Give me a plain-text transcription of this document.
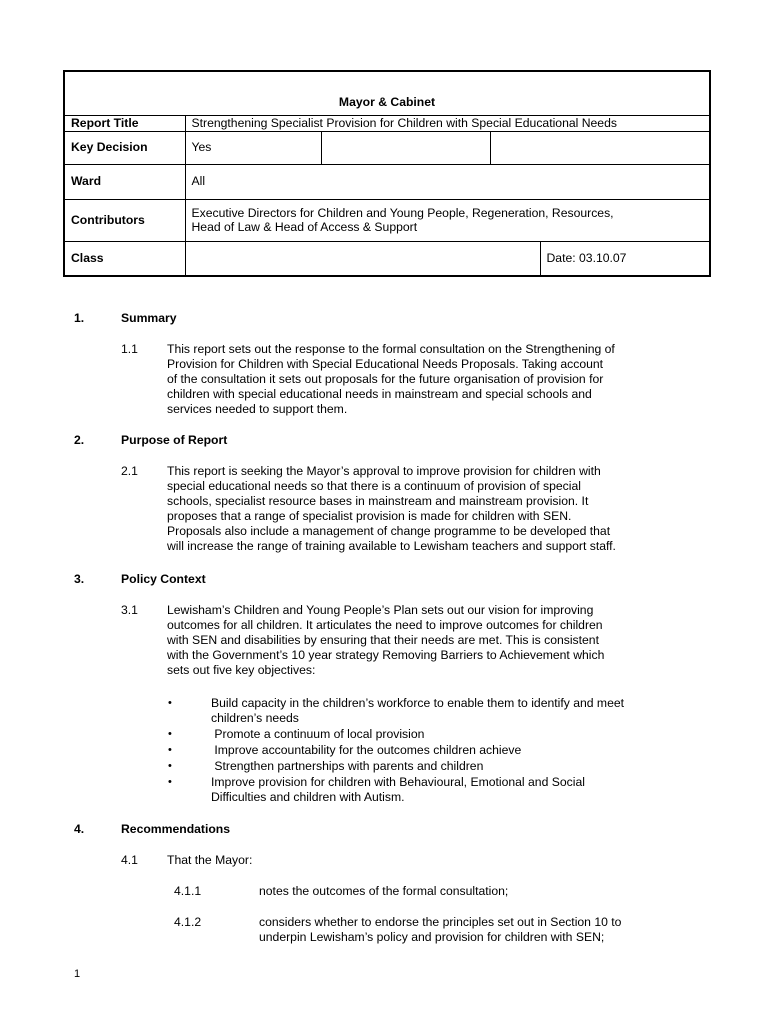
Mayor & Cabinet				
Report Title	Strengthening Specialist Provision for Children with Special Educational Needs			
Key Decision	Yes			
Ward	All			
Contributors	Executive Directors for Children and Young People, Regeneration, Resources,
Head of Law & Head of Access & Support			

Class				Date: 03.10.07
1.	Summary
1.1 This report sets out the response to the formal consultation on the Strengthening of
Provision for Children with Special Educational Needs Proposals. Taking account
of the consultation it sets out proposals for the future organisation of provision for
children with special educational needs in mainstream and special schools and
services needed to support them.
2.	Purpose of Report
2.1 This report is seeking the Mayor’s approval to improve provision for children with
special educational needs so that there is a continuum of provision of special
schools, specialist resource bases in mainstream and mainstream provision. It
proposes that a range of specialist provision is made for children with SEN.
Proposals also include a management of change programme to be developed that
will increase the range of training available to Lewisham teachers and support staff.
3.	Policy Context
3.1 Lewisham’s Children and Young People’s Plan sets out our vision for improving
outcomes for all children. It articulates the need to improve outcomes for children
with SEN and disabilities by ensuring that their needs are met. This is consistent
with the Government’s 10 year strategy Removing Barriers to Achievement which
sets out five key objectives:
•	Build capacity in the children’s workforce to enable them to identify and meet
children’s needs
•	Promote a continuum of local provision
•	Improve accountability for the outcomes children achieve
•	Strengthen partnerships with parents and children
•	Improve provision for children with Behavioural, Emotional and Social
Difficulties and children with Autism.
4.	Recommendations
4.1 That the Mayor:
4.1.1	notes the outcomes of the formal consultation;
4.1.2	considers whether to endorse the principles set out in Section 10 to
underpin Lewisham’s policy and provision for children with SEN;
1
